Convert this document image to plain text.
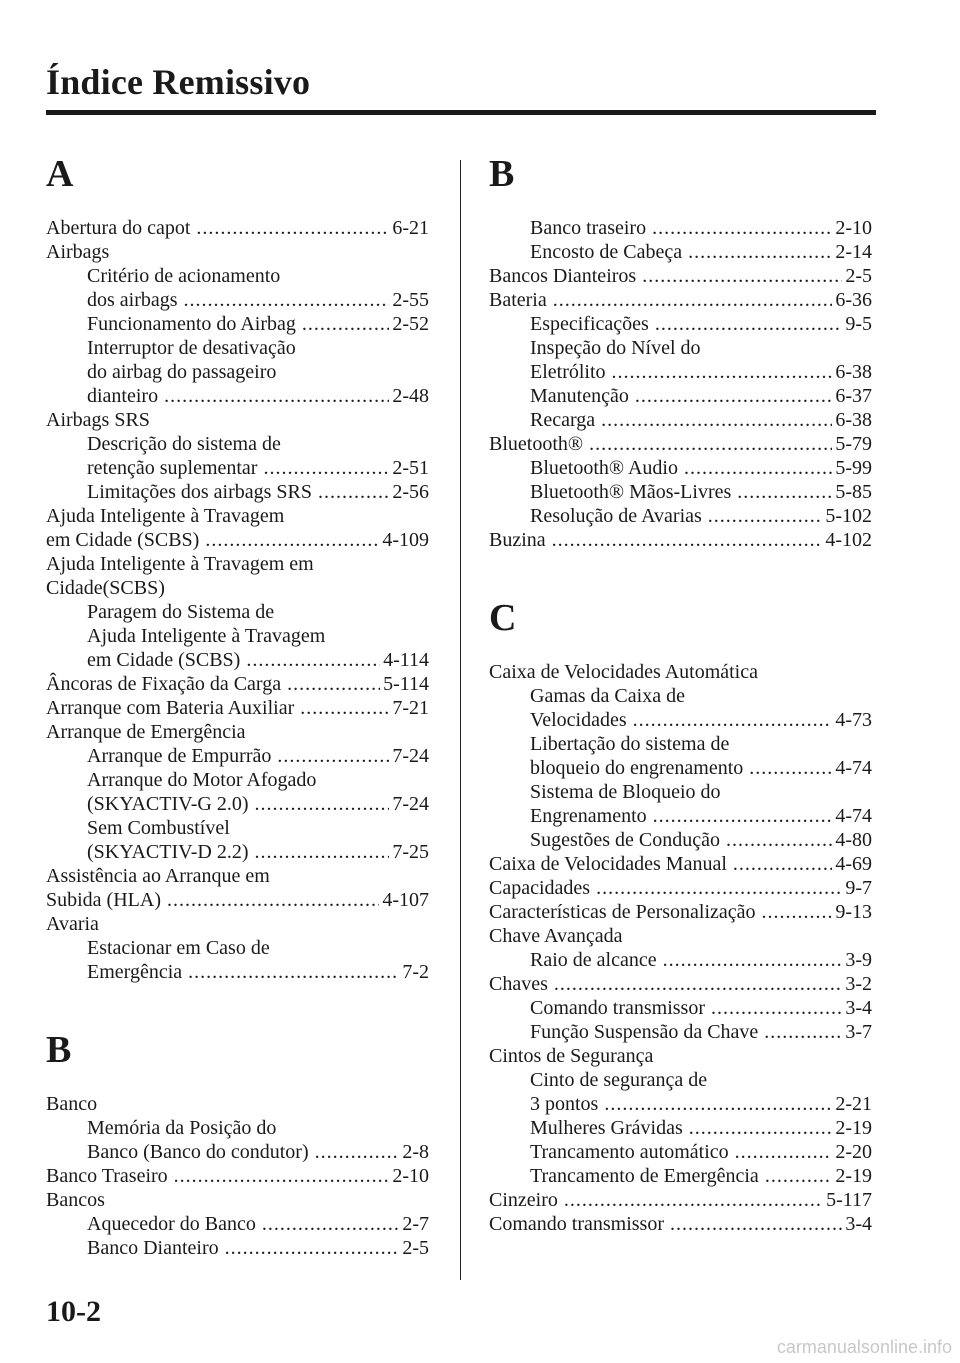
Índice Remissivo
A
Abertura do capot .....	6-21
Airbags
Critério de acionamento
dos airbags .....	2-55
Funcionamento do Airbag .....	2-52
Interruptor de desativação
do airbag do passageiro
dianteiro .....	2-48
Airbags SRS
Descrição do sistema de
retenção suplementar .....	2-51
Limitações dos airbags SRS .....	2-56
Ajuda Inteligente à Travagem
em Cidade (SCBS) .....	4-109
Ajuda Inteligente à Travagem em
Cidade(SCBS)
Paragem do Sistema de
Ajuda Inteligente à Travagem
em Cidade (SCBS) .....	4-114
Âncoras de Fixação da Carga .....	5-114
Arranque com Bateria Auxiliar .....	7-21
Arranque de Emergência
Arranque de Empurrão .....	7-24
Arranque do Motor Afogado
(SKYACTIV-G 2.0) .....	7-24
Sem Combustível
(SKYACTIV-D 2.2) .....	7-25
Assistência ao Arranque em
Subida (HLA) .....	4-107
Avaria
Estacionar em Caso de
Emergência .....	7-2
B
Banco
Memória da Posição do
Banco (Banco do condutor) .....	2-8
Banco Traseiro .....	2-10
Bancos
Aquecedor do Banco .....	2-7
Banco Dianteiro .....	2-5
B
Banco traseiro .....	2-10
Encosto de Cabeça .....	2-14
Bancos Dianteiros .....	2-5
Bateria .....	6-36
Especificações .....	9-5
Inspeção do Nível do
Eletrólito .....	6-38
Manutenção .....	6-37
Recarga .....	6-38
Bluetooth® .....	5-79
Bluetooth® Audio .....	5-99
Bluetooth® Mãos-Livres .....	5-85
Resolução de Avarias .....	5-102
Buzina .....	4-102
C
Caixa de Velocidades Automática
Gamas da Caixa de
Velocidades .....	4-73
Libertação do sistema de
bloqueio do engrenamento .....	4-74
Sistema de Bloqueio do
Engrenamento .....	4-74
Sugestões de Condução .....	4-80
Caixa de Velocidades Manual .....	4-69
Capacidades .....	9-7
Características de Personalização .....	9-13
Chave Avançada
Raio de alcance .....	3-9
Chaves .....	3-2
Comando transmissor .....	3-4
Função Suspensão da Chave .....	3-7
Cintos de Segurança
Cinto de segurança de
3 pontos .....	2-21
Mulheres Grávidas .....	2-19
Trancamento automático .....	2-20
Trancamento de Emergência .....	2-19
Cinzeiro .....	5-117
Comando transmissor .....	3-4
10-2
carmanualsonline.info
